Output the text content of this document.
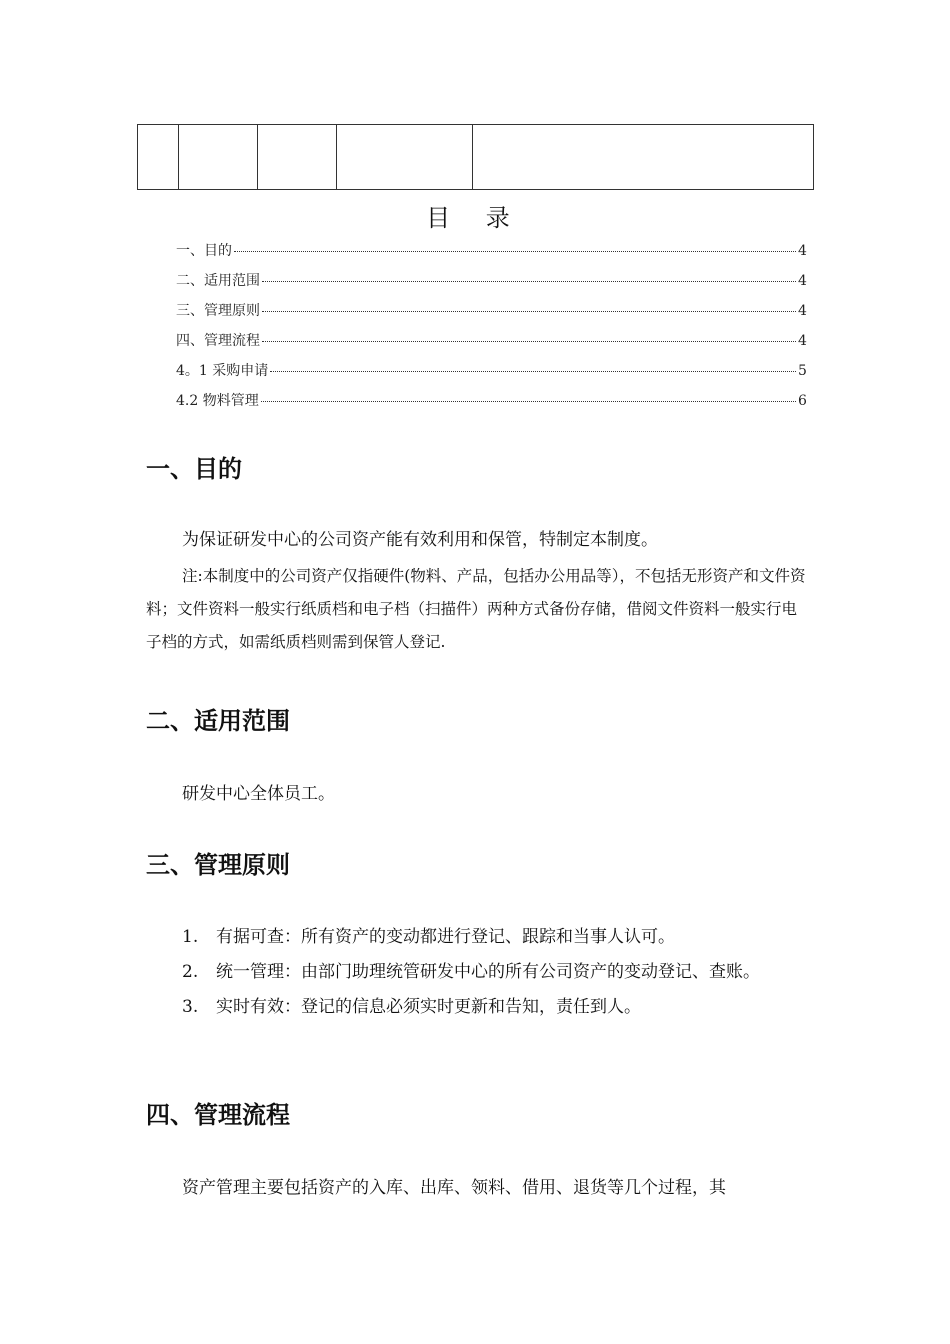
目 录
一、目的	4
二、适用范围	4
三、管理原则	4
四、管理流程	4
4。1 采购申请	5
4.2 物料管理	6
一、目的
为保证研发中心的公司资产能有效利用和保管，特制定本制度。
注:本制度中的公司资产仅指硬件(物料、产品，包括办公用品等），不包括无形资产和文件资料；文件资料一般实行纸质档和电子档（扫描件）两种方式备份存储，借阅文件资料一般实行电子档的方式，如需纸质档则需到保管人登记.
二、适用范围
研发中心全体员工。
三、管理原则
1.	有据可查：所有资产的变动都进行登记、跟踪和当事人认可。
2.	统一管理：由部门助理统管研发中心的所有公司资产的变动登记、查账。
3.	实时有效：登记的信息必须实时更新和告知，责任到人。
四、管理流程
资产管理主要包括资产的入库、出库、领料、借用、退货等几个过程，其
